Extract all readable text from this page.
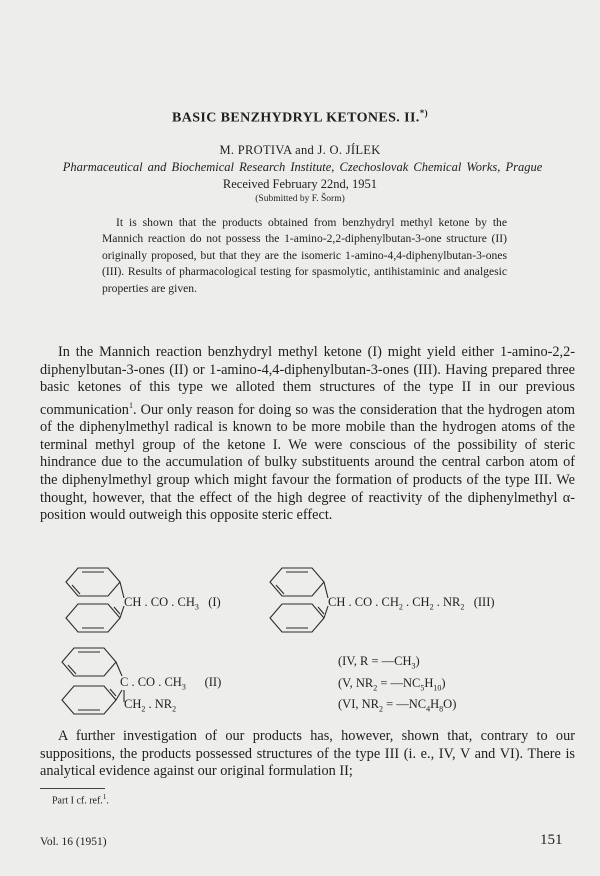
BASIC BENZHYDRYL KETONES. II.*)
M. PROTIVA and J. O. JÍLEK
Pharmaceutical and Biochemical Research Institute, Czechoslovak Chemical Works, Prague
Received February 22nd, 1951
(Submitted by F. Šorm)
It is shown that the products obtained from benzhydryl methyl ketone by the Mannich reaction do not possess the 1-amino-2,2-diphenylbutan-3-one structure (II) originally proposed, but that they are the isomeric 1-amino-4,4-diphenylbutan-3-ones (III). Results of pharmacological testing for spasmolytic, antihistaminic and analgesic properties are given.
In the Mannich reaction benzhydryl methyl ketone (I) might yield either 1-amino-2,2-diphenylbutan-3-ones (II) or 1-amino-4,4-diphenylbutan-3-ones (III). Having prepared three basic ketones of this type we alloted them structures of the type II in our previous communication$^1$. Our only reason for doing so was the consideration that the hydrogen atom of the diphenylmethyl radical is known to be more mobile than the hydrogen atoms of the terminal methyl group of the ketone I. We were conscious of the possibility of steric hindrance due to the accumulation of bulky substituents around the central carbon atom of the diphenylmethyl group which might favour the formation of products of the type III. We thought, however, that the effect of the high degree of reactivity of the diphenylmethyl α-position would outweigh this opposite steric effect.
CH . CO . $CH_3$ (I)	CH . CO . $CH_2$ . $CH_2$ . $NR_2$ (III)
C . CO . $CH_3$ (II)
$CH_2$ . $NR_2$
(IV, $R = —CH_3$)
(V, $NR_2$ = $—NC_5H_{10}$)
(VI, $NR_2$ = $—NC_4H_8O$)
A further investigation of our products has, however, shown that, contrary to our suppositions, the products possessed structures of the type III (i. e., IV, V and VI). There is analytical evidence against our original formulation II;
Part I cf. ref.$^1$.
Vol. 16 (1951)	151
